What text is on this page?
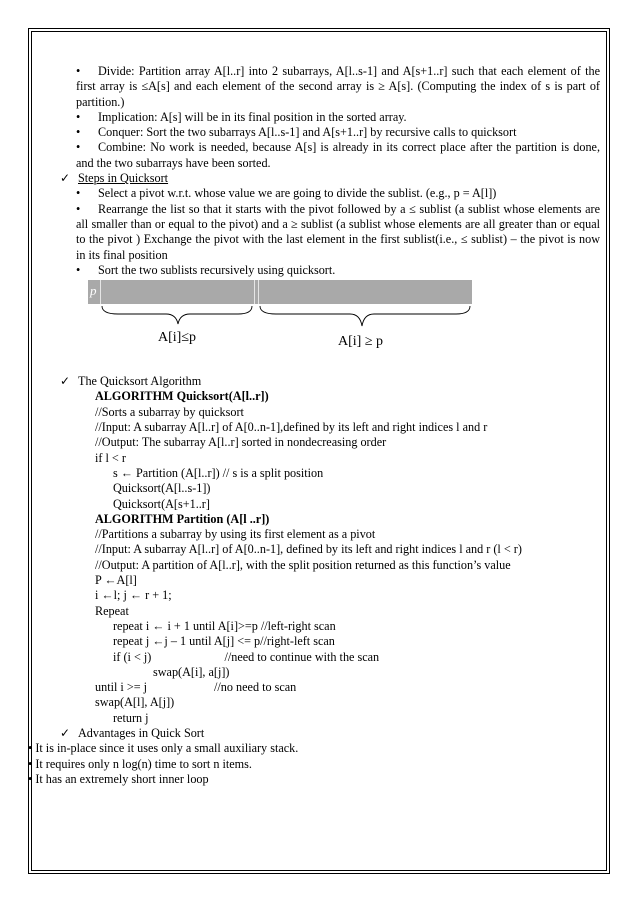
•	Divide: Partition array A[l..r] into 2 subarrays, A[l..s-1] and A[s+1..r] such that each element of the first array is ≤A[s] and each element of the second array is ≥ A[s]. (Computing the index of s is part of partition.)
•	Implication: A[s] will be in its final position in the sorted array.
•	Conquer: Sort the two subarrays A[l..s-1] and A[s+1..r] by recursive calls to quicksort
•	Combine: No work is needed, because A[s] is already in its correct place after the partition is done, and the two subarrays have been sorted.
✓ Steps in Quicksort
•	Select a pivot w.r.t. whose value we are going to divide the sublist. (e.g., p = A[l])
•	Rearrange the list so that it starts with the pivot followed by a ≤ sublist (a sublist whose elements are all smaller than or equal to the pivot) and a ≥ sublist (a sublist whose elements are all greater than or equal to the pivot ) Exchange the pivot with the last element in the first sublist(i.e., ≤ sublist) – the pivot is now in its final position
•	Sort the two sublists recursively using quicksort.
p
A[i]≤p	A[i] ≥ p
✓ The Quicksort Algorithm
ALGORITHM Quicksort(A[l..r])
//Sorts a subarray by quicksort
//Input: A subarray A[l..r] of A[0..n-1],defined by its left and right indices l and r
//Output: The subarray A[l..r] sorted in nondecreasing order
if l < r
s ← Partition (A[l..r]) // s is a split position
Quicksort(A[l..s-1])
Quicksort(A[s+1..r]
ALGORITHM Partition (A[l ..r])
//Partitions a subarray by using its first element as a pivot
//Input: A subarray A[l..r] of A[0..n-1], defined by its left and right indices l and r (l < r)
//Output: A partition of A[l..r], with the split position returned as this function’s value
P ←A[l]
i ←l; j ← r + 1;
Repeat
repeat i ← i + 1 until A[i]>=p //left-right scan
repeat j ←j – 1 until A[j] <= p//right-left scan
if (i < j)                        //need to continue with the scan
swap(A[i], a[j])
until i >= j                      //no need to scan
swap(A[l], A[j])
return j
✓ Advantages in Quick Sort
• It is in-place since it uses only a small auxiliary stack.
• It requires only n log(n) time to sort n items.
• It has an extremely short inner loop
